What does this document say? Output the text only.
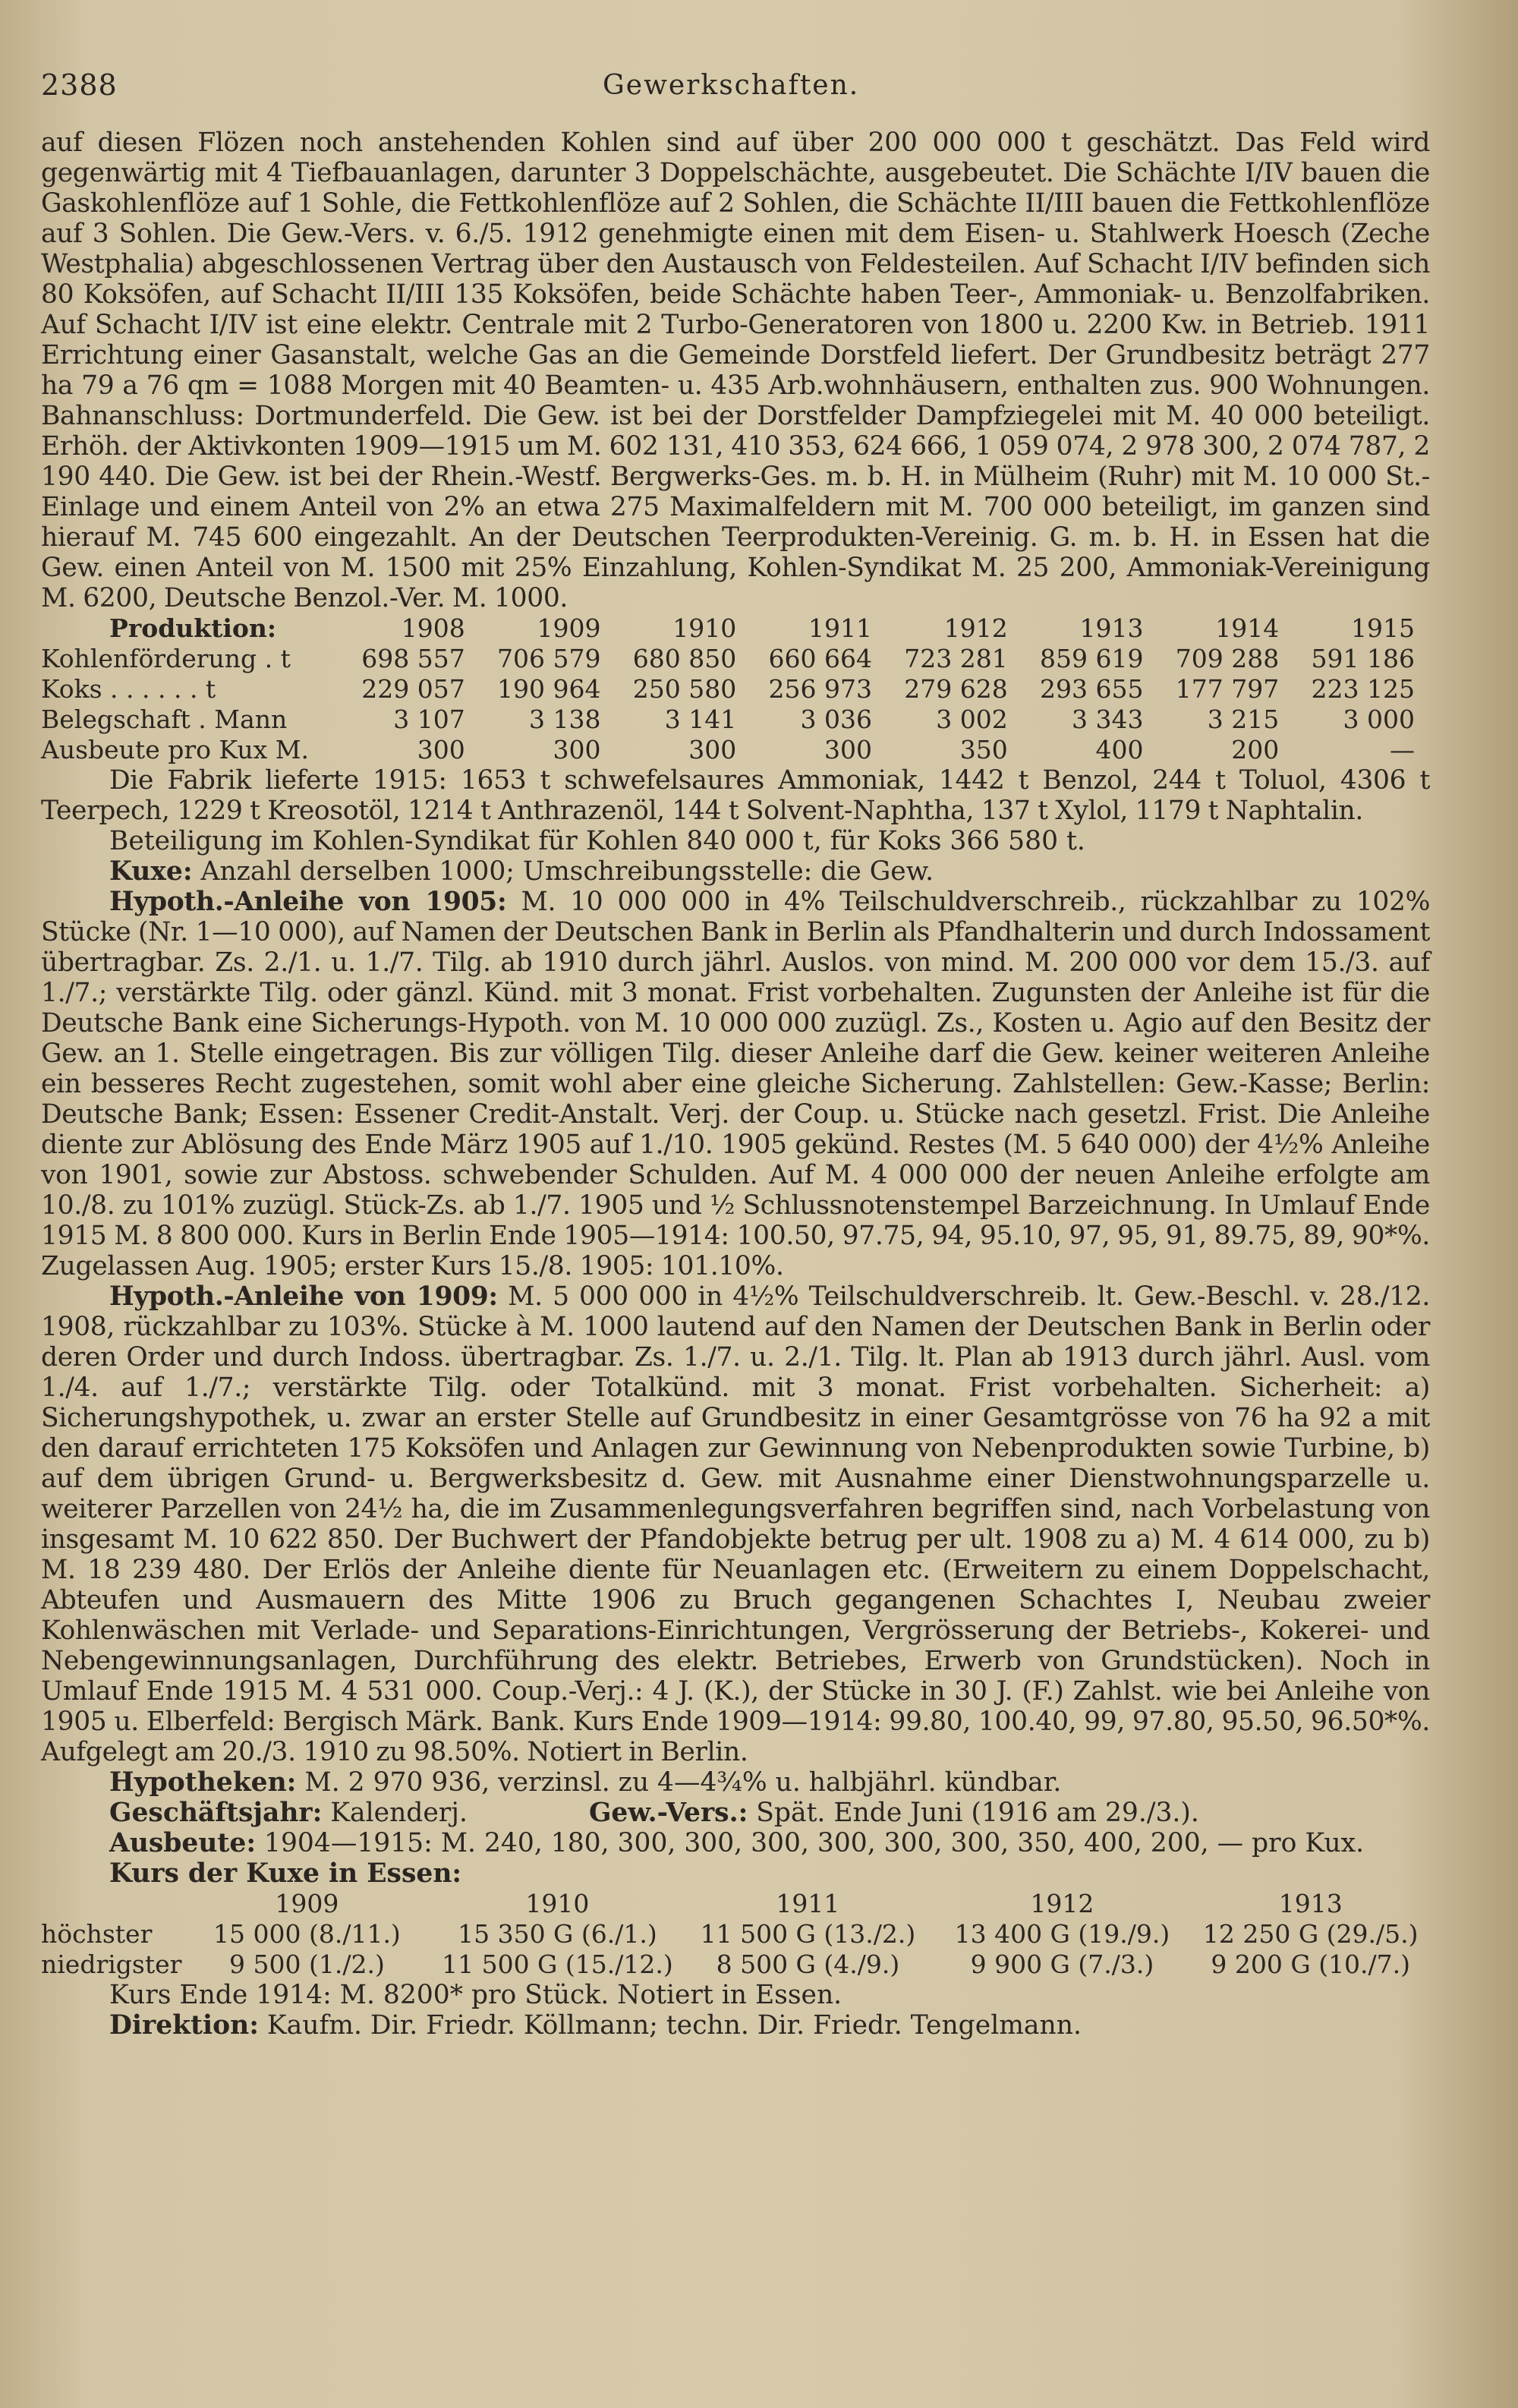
2388	Gewerkschaften.

auf diesen Flözen noch anstehenden Kohlen sind auf über 200 000 000 t geschätzt. Das Feld wird gegenwärtig mit 4 Tiefbauanlagen, darunter 3 Doppelschächte, ausgebeutet. Die Schächte I/IV bauen die Gaskohlenflöze auf 1 Sohle, die Fettkohlenflöze auf 2 Sohlen, die Schächte II/III bauen die Fettkohlenflöze auf 3 Sohlen. Die Gew.-Vers. v. 6./5. 1912 genehmigte einen mit dem Eisen- u. Stahlwerk Hoesch (Zeche Westphalia) abgeschlossenen Vertrag über den Austausch von Feldesteilen. Auf Schacht I/IV befinden sich 80 Koksöfen, auf Schacht II/III 135 Koksöfen, beide Schächte haben Teer-, Ammoniak- u. Benzolfabriken. Auf Schacht I/IV ist eine elektr. Centrale mit 2 Turbo-Generatoren von 1800 u. 2200 Kw. in Betrieb. 1911 Errichtung einer Gasanstalt, welche Gas an die Gemeinde Dorstfeld liefert. Der Grundbesitz beträgt 277 ha 79 a 76 qm = 1088 Morgen mit 40 Beamten- u. 435 Arb.wohnhäusern, enthalten zus. 900 Wohnungen. Bahnanschluss: Dortmunderfeld. Die Gew. ist bei der Dorstfelder Dampfziegelei mit M. 40 000 beteiligt. Erhöh. der Aktivkonten 1909—1915 um M. 602 131, 410 353, 624 666, 1 059 074, 2 978 300, 2 074 787, 2 190 440. Die Gew. ist bei der Rhein.-Westf. Bergwerks-Ges. m. b. H. in Mülheim (Ruhr) mit M. 10 000 St.-Einlage und einem Anteil von 2% an etwa 275 Maximalfeldern mit M. 700 000 beteiligt, im ganzen sind hierauf M. 745 600 eingezahlt. An der Deutschen Teerprodukten-Vereinig. G. m. b. H. in Essen hat die Gew. einen Anteil von M. 1500 mit 25% Einzahlung, Kohlen-Syndikat M. 25 200, Ammoniak-Vereinigung M. 6200, Deutsche Benzol.-Ver. M. 1000.

Produktion:	1908	1909	1910	1911	1912	1913	1914	1915
Kohlenförderung . t	698 557	706 579	680 850	660 664	723 281	859 619	709 288	591 186
Koks . . . . . . t	229 057	190 964	250 580	256 973	279 628	293 655	177 797	223 125
Belegschaft . Mann	3 107	3 138	3 141	3 036	3 002	3 343	3 215	3 000
Ausbeute pro Kux M.	300	300	300	300	350	400	200	—

Die Fabrik lieferte 1915: 1653 t schwefelsaures Ammoniak, 1442 t Benzol, 244 t Toluol, 4306 t Teerpech, 1229 t Kreosotöl, 1214 t Anthrazenöl, 144 t Solvent-Naphtha, 137 t Xylol, 1179 t Naphtalin.

Beteiligung im Kohlen-Syndikat für Kohlen 840 000 t, für Koks 366 580 t.

Kuxe: Anzahl derselben 1000; Umschreibungsstelle: die Gew.

Hypoth.-Anleihe von 1905: M. 10 000 000 in 4% Teilschuldverschreib., rückzahlbar zu 102% Stücke (Nr. 1—10 000), auf Namen der Deutschen Bank in Berlin als Pfandhalterin und durch Indossament übertragbar. Zs. 2./1. u. 1./7. Tilg. ab 1910 durch jährl. Auslos. von mind. M. 200 000 vor dem 15./3. auf 1./7.; verstärkte Tilg. oder gänzl. Künd. mit 3 monat. Frist vorbehalten. Zugunsten der Anleihe ist für die Deutsche Bank eine Sicherungs-Hypoth. von M. 10 000 000 zuzügl. Zs., Kosten u. Agio auf den Besitz der Gew. an 1. Stelle eingetragen. Bis zur völligen Tilg. dieser Anleihe darf die Gew. keiner weiteren Anleihe ein besseres Recht zugestehen, somit wohl aber eine gleiche Sicherung. Zahlstellen: Gew.-Kasse; Berlin: Deutsche Bank; Essen: Essener Credit-Anstalt. Verj. der Coup. u. Stücke nach gesetzl. Frist. Die Anleihe diente zur Ablösung des Ende März 1905 auf 1./10. 1905 gekünd. Restes (M. 5 640 000) der 4½% Anleihe von 1901, sowie zur Abstoss. schwebender Schulden. Auf M. 4 000 000 der neuen Anleihe erfolgte am 10./8. zu 101% zuzügl. Stück-Zs. ab 1./7. 1905 und ½ Schlussnotenstempel Barzeichnung. In Umlauf Ende 1915 M. 8 800 000. Kurs in Berlin Ende 1905—1914: 100.50, 97.75, 94, 95.10, 97, 95, 91, 89.75, 89, 90*%. Zugelassen Aug. 1905; erster Kurs 15./8. 1905: 101.10%.

Hypoth.-Anleihe von 1909: M. 5 000 000 in 4½% Teilschuldverschreib. lt. Gew.-Beschl. v. 28./12. 1908, rückzahlbar zu 103%. Stücke à M. 1000 lautend auf den Namen der Deutschen Bank in Berlin oder deren Order und durch Indoss. übertragbar. Zs. 1./7. u. 2./1. Tilg. lt. Plan ab 1913 durch jährl. Ausl. vom 1./4. auf 1./7.; verstärkte Tilg. oder Totalkünd. mit 3 monat. Frist vorbehalten. Sicherheit: a) Sicherungshypothek, u. zwar an erster Stelle auf Grundbesitz in einer Gesamtgrösse von 76 ha 92 a mit den darauf errichteten 175 Koksöfen und Anlagen zur Gewinnung von Nebenprodukten sowie Turbine, b) auf dem übrigen Grund- u. Bergwerksbesitz d. Gew. mit Ausnahme einer Dienstwohnungsparzelle u. weiterer Parzellen von 24½ ha, die im Zusammenlegungsverfahren begriffen sind, nach Vorbelastung von insgesamt M. 10 622 850. Der Buchwert der Pfandobjekte betrug per ult. 1908 zu a) M. 4 614 000, zu b) M. 18 239 480. Der Erlös der Anleihe diente für Neuanlagen etc. (Erweitern zu einem Doppelschacht, Abteufen und Ausmauern des Mitte 1906 zu Bruch gegangenen Schachtes I, Neubau zweier Kohlenwäschen mit Verlade- und Separations-Einrichtungen, Vergrösserung der Betriebs-, Kokerei- und Nebengewinnungsanlagen, Durchführung des elektr. Betriebes, Erwerb von Grundstücken). Noch in Umlauf Ende 1915 M. 4 531 000. Coup.-Verj.: 4 J. (K.), der Stücke in 30 J. (F.) Zahlst. wie bei Anleihe von 1905 u. Elberfeld: Bergisch Märk. Bank. Kurs Ende 1909—1914: 99.80, 100.40, 99, 97.80, 95.50, 96.50*%. Aufgelegt am 20./3. 1910 zu 98.50%. Notiert in Berlin.

Hypotheken: M. 2 970 936, verzinsl. zu 4—4¾% u. halbjährl. kündbar.

Geschäftsjahr: Kalenderj.	Gew.-Vers.: Spät. Ende Juni (1916 am 29./3.).

Ausbeute: 1904—1915: M. 240, 180, 300, 300, 300, 300, 300, 300, 350, 400, 200, — pro Kux.

Kurs der Kuxe in Essen:

	1909	1910	1911	1912	1913
höchster	15 000 (8./11.)	15 350 G (6./1.)	11 500 G (13./2.)	13 400 G (19./9.)	12 250 G (29./5.)
niedrigster	9 500 (1./2.)	11 500 G (15./12.)	8 500 G (4./9.)	9 900 G (7./3.)	9 200 G (10./7.)

Kurs Ende 1914: M. 8200* pro Stück. Notiert in Essen.

Direktion: Kaufm. Dir. Friedr. Köllmann; techn. Dir. Friedr. Tengelmann.
